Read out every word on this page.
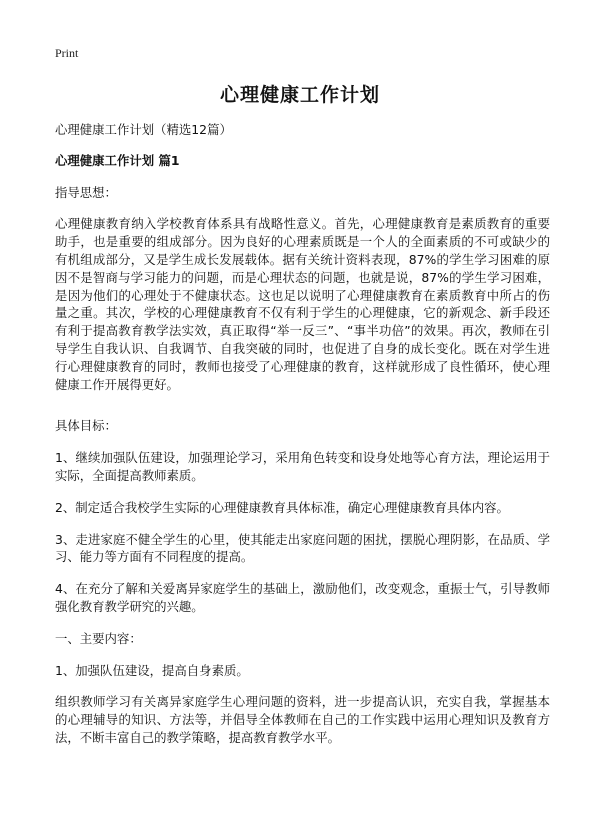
Print
心理健康工作计划

心理健康工作计划（精选12篇）

心理健康工作计划 篇1

指导思想：

心理健康教育纳入学校教育体系具有战略性意义。首先，心理健康教育是素质教育的重要助手，也是重要的组成部分。因为良好的心理素质既是一个人的全面素质的不可或缺少的有机组成部分，又是学生成长发展载体。据有关统计资料表现，87%的学生学习困难的原因不是智商与学习能力的问题，而是心理状态的问题，也就是说，87%的学生学习困难，是因为他们的心理处于不健康状态。这也足以说明了心理健康教育在素质教育中所占的伤量之重。其次，学校的心理健康教育不仅有利于学生的心理健康，它的新观念、新手段还有利于提高教育教学法实效，真正取得“举一反三”、“事半功倍”的效果。再次，教师在引导学生自我认识、自我调节、自我突破的同时，也促进了自身的成长变化。既在对学生进行心理健康教育的同时，教师也接受了心理健康的教育，这样就形成了良性循环，使心理健康工作开展得更好。

具体目标：

1、继续加强队伍建设，加强理论学习，采用角色转变和设身处地等心育方法，理论运用于实际，全面提高教师素质。

2、制定适合我校学生实际的心理健康教育具体标准，确定心理健康教育具体内容。

3、走进家庭不健全学生的心里，使其能走出家庭问题的困扰，摆脱心理阴影，在品质、学习、能力等方面有不同程度的提高。

4、在充分了解和关爱离异家庭学生的基础上，激励他们，改变观念，重振士气，引导教师强化教育教学研究的兴趣。

一、主要内容：

1、加强队伍建设，提高自身素质。

组织教师学习有关离异家庭学生心理问题的资料，进一步提高认识，充实自我，掌握基本的心理辅导的知识、方法等，并倡导全体教师在自己的工作实践中运用心理知识及教育方法，不断丰富自己的教学策略，提高教育教学水平。
